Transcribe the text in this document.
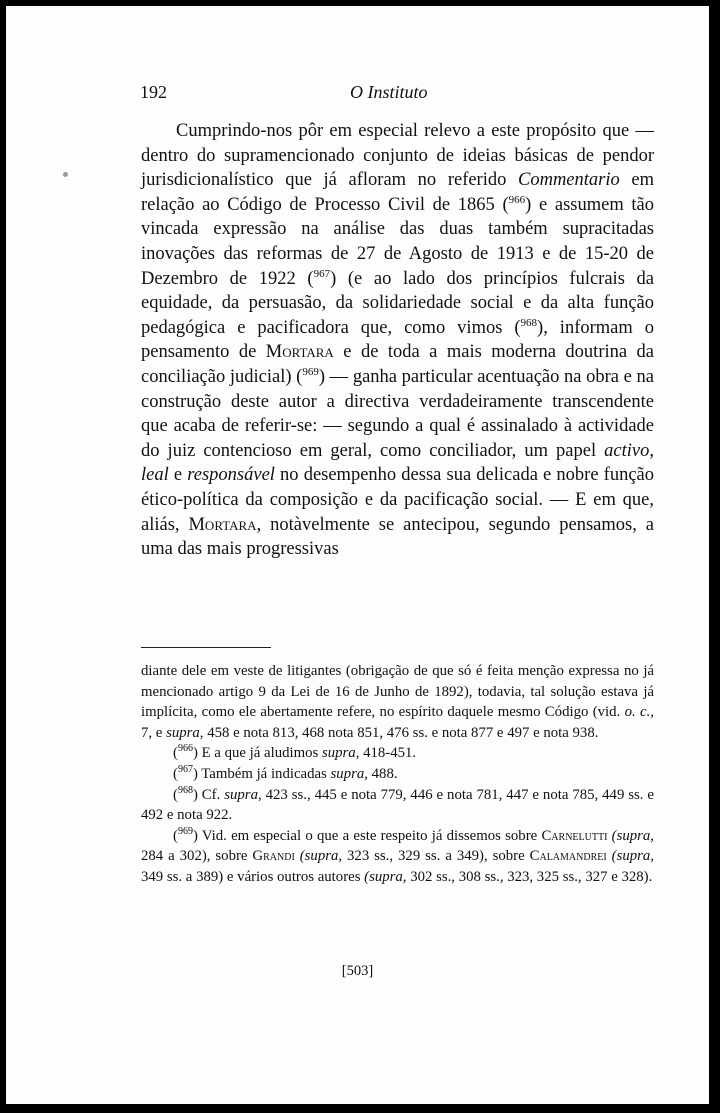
192	O Instituto

Cumprindo-nos pôr em especial relevo a este propósito que — dentro do supramencionado conjunto de ideias básicas de pendor jurisdicionalístico que já afloram no referido Commentario em relação ao Código de Processo Civil de 1865 ($^{966}$) e assumem tão vincada expressão na análise das duas também supracitadas inovações das reformas de 27 de Agosto de 1913 e de 15-20 de Dezembro de 1922 ($^{967}$) (e ao lado dos princípios fulcrais da equidade, da persuasão, da solidariedade social e da alta função pedagógica e pacificadora que, como vimos ($^{968}$), informam o pensamento de Mortara e de toda a mais moderna doutrina da conciliação judicial) ($^{969}$) — ganha particular acentuação na obra e na construção deste autor a directiva verdadeiramente transcendente que acaba de referir-se: — segundo a qual é assinalado à actividade do juiz contencioso em geral, como conciliador, um papel activo, leal e responsável no desempenho dessa sua delicada e nobre função ético-política da composição e da pacificação social. — E em que, aliás, Mortara, notàvelmente se antecipou, segundo pensamos, a uma das mais progressivas

diante dele em veste de litigantes (obrigação de que só é feita menção expressa no já mencionado artigo 9 da Lei de 16 de Junho de 1892), todavia, tal solução estava já implícita, como ele abertamente refere, no espírito daquele mesmo Código (vid. o. c., 7, e supra, 458 e nota 813, 468 nota 851, 476 ss. e nota 877 e 497 e nota 938.

($^{966}$) E a que já aludimos supra, 418-451.

($^{967}$) Também já indicadas supra, 488.

($^{968}$) Cf. supra, 423 ss., 445 e nota 779, 446 e nota 781, 447 e nota 785, 449 ss. e 492 e nota 922.

($^{969}$) Vid. em especial o que a este respeito já dissemos sobre Carnelutti (supra, 284 a 302), sobre Grandi (supra, 323 ss., 329 ss. a 349), sobre Calamandrei (supra, 349 ss. a 389) e vários outros autores (supra, 302 ss., 308 ss., 323, 325 ss., 327 e 328).

[503]
